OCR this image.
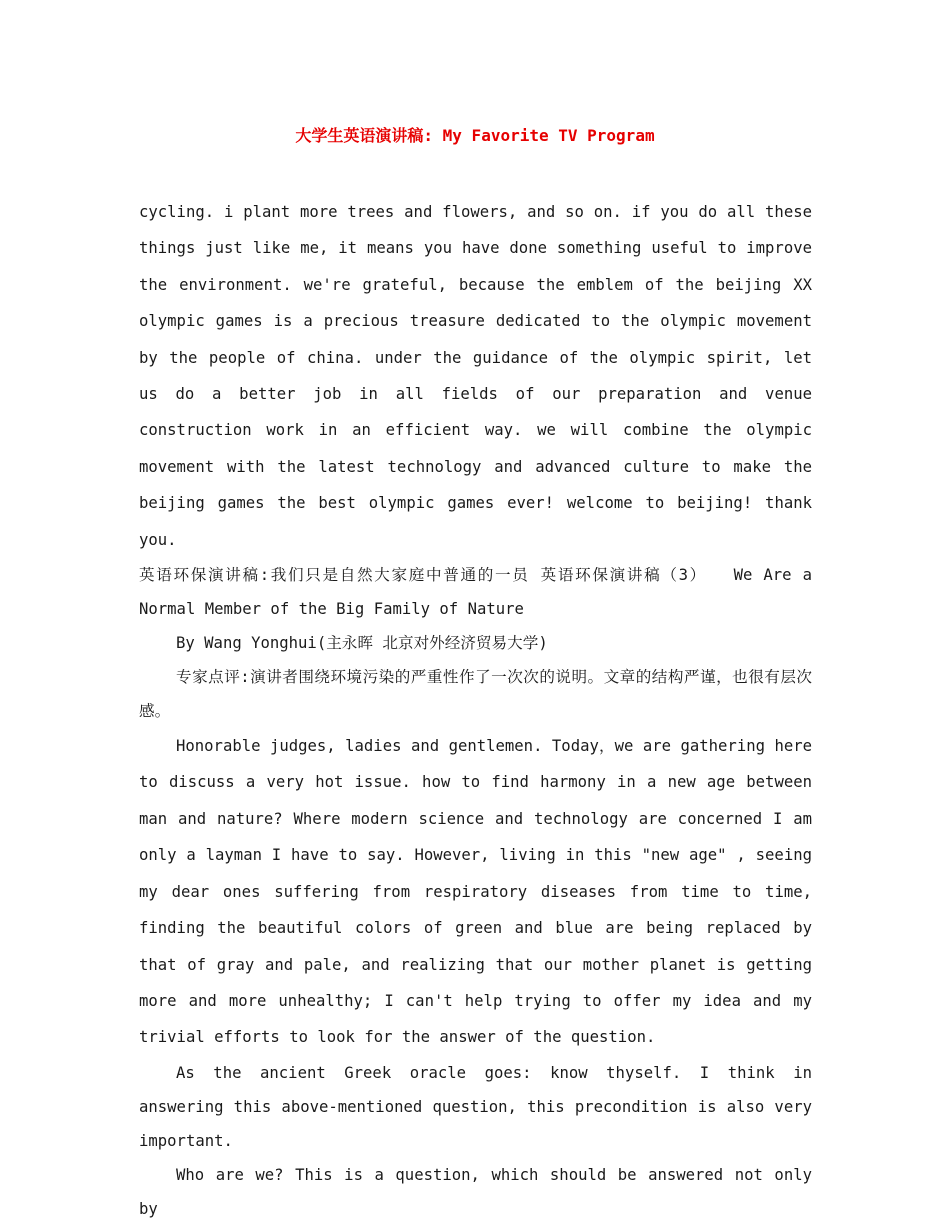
大学生英语演讲稿: My Favorite TV Program

cycling. i plant more trees and flowers, and so on. if you do all these things just like me, it means you have done something useful to improve the environment. we're grateful, because the emblem of the beijing XX olympic games is a precious treasure dedicated to the olympic movement by the people of china. under the guidance of the olympic spirit, let us do a better job in all fields of our preparation and venue construction work in an efficient way. we will combine the olympic movement with the latest technology and advanced culture to make the beijing games the best olympic games ever! welcome to beijing! thank you.

英语环保演讲稿:我们只是自然大家庭中普通的一员 英语环保演讲稿（3）　　We Are a Normal Member of the Big Family of Nature

By Wang Yonghui(主永晖 北京对外经济贸易大学)

专家点评:演讲者围绕环境污染的严重性作了一次次的说明。文章的结构严谨，也很有层次感。

Honorable judges, ladies and gentlemen. Today，we are gathering here to discuss a very hot issue. how to find harmony in a new age between man and nature? Where modern science and technology are concerned I am only a layman I have to say. However, living in this "new age" , seeing my dear ones suffering from respiratory diseases from time to time, finding the beautiful colors of green and blue are being replaced by that of gray and pale, and realizing that our mother planet is getting more and more unhealthy; I can't help trying to offer my idea and my trivial efforts to look for the answer of the question.

As the ancient Greek oracle goes: know thyself. I think in answering this above-mentioned question, this precondition is also very important.

Who are we? This is a question, which should be answered not only by
